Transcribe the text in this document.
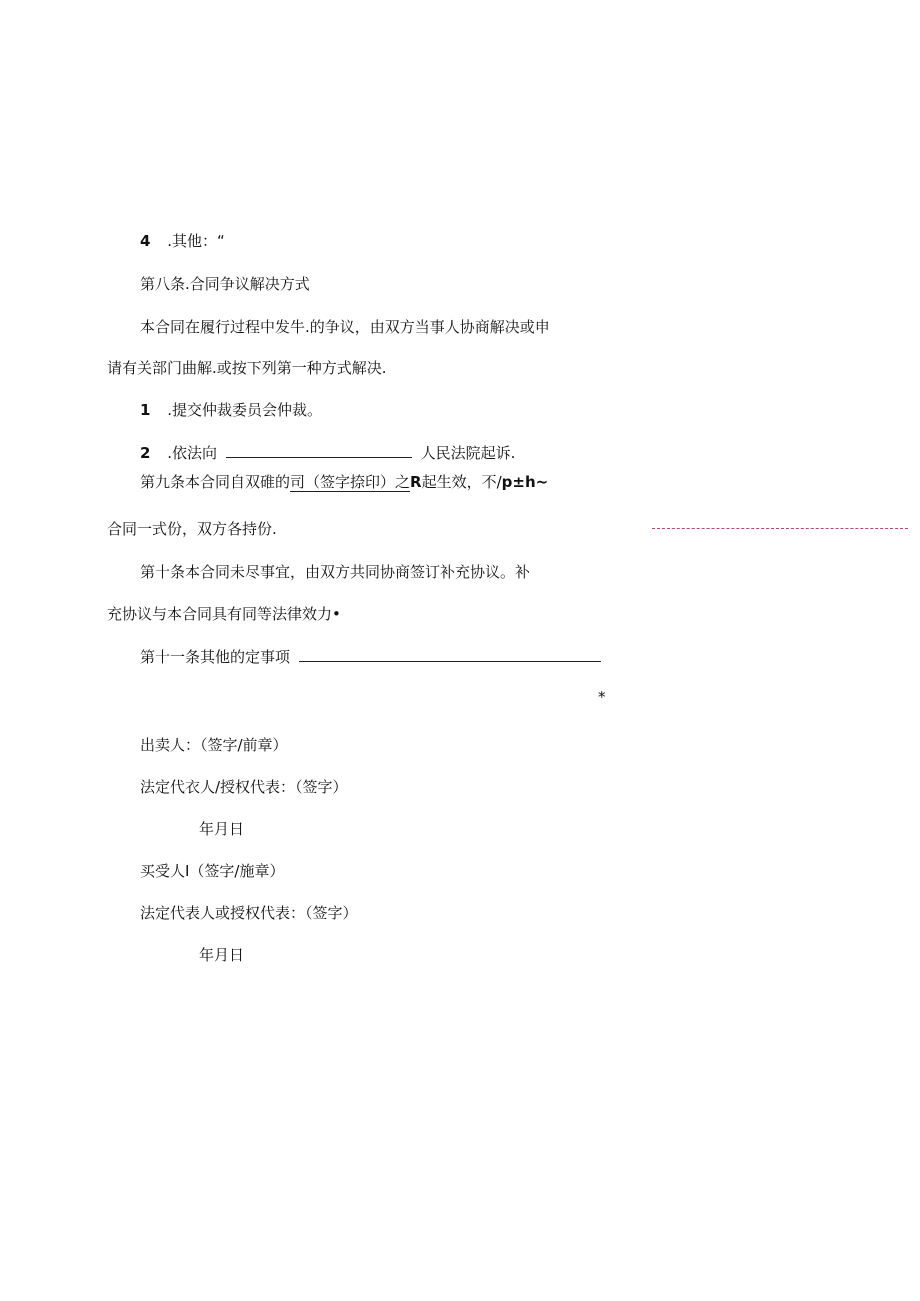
4 .其他：“
第八条.合同争议解决方式
本合同在履行过程中发牛.的争议，由双方当事人协商解决或申
请有关部门曲解.或按下列第一种方式解决.
1 .提交仲裁委员会仲裁。
2 .依法向	人民法院起诉.
第九条本合同自双碓的司（签字捺印）之R起生效，不/p±h~
合同一式份，双方各持份.
第十条本合同未尽事宜，由双方共同协商签订补充协议。补
充协议与本合同具有同等法律效力•
第十一条其他的定事项
*
出卖人：（签字/前章）
法定代衣人/授权代表：（签字）
年月日
买受人I（签字/施章）
法定代表人或授权代表：（签字）
年月日
